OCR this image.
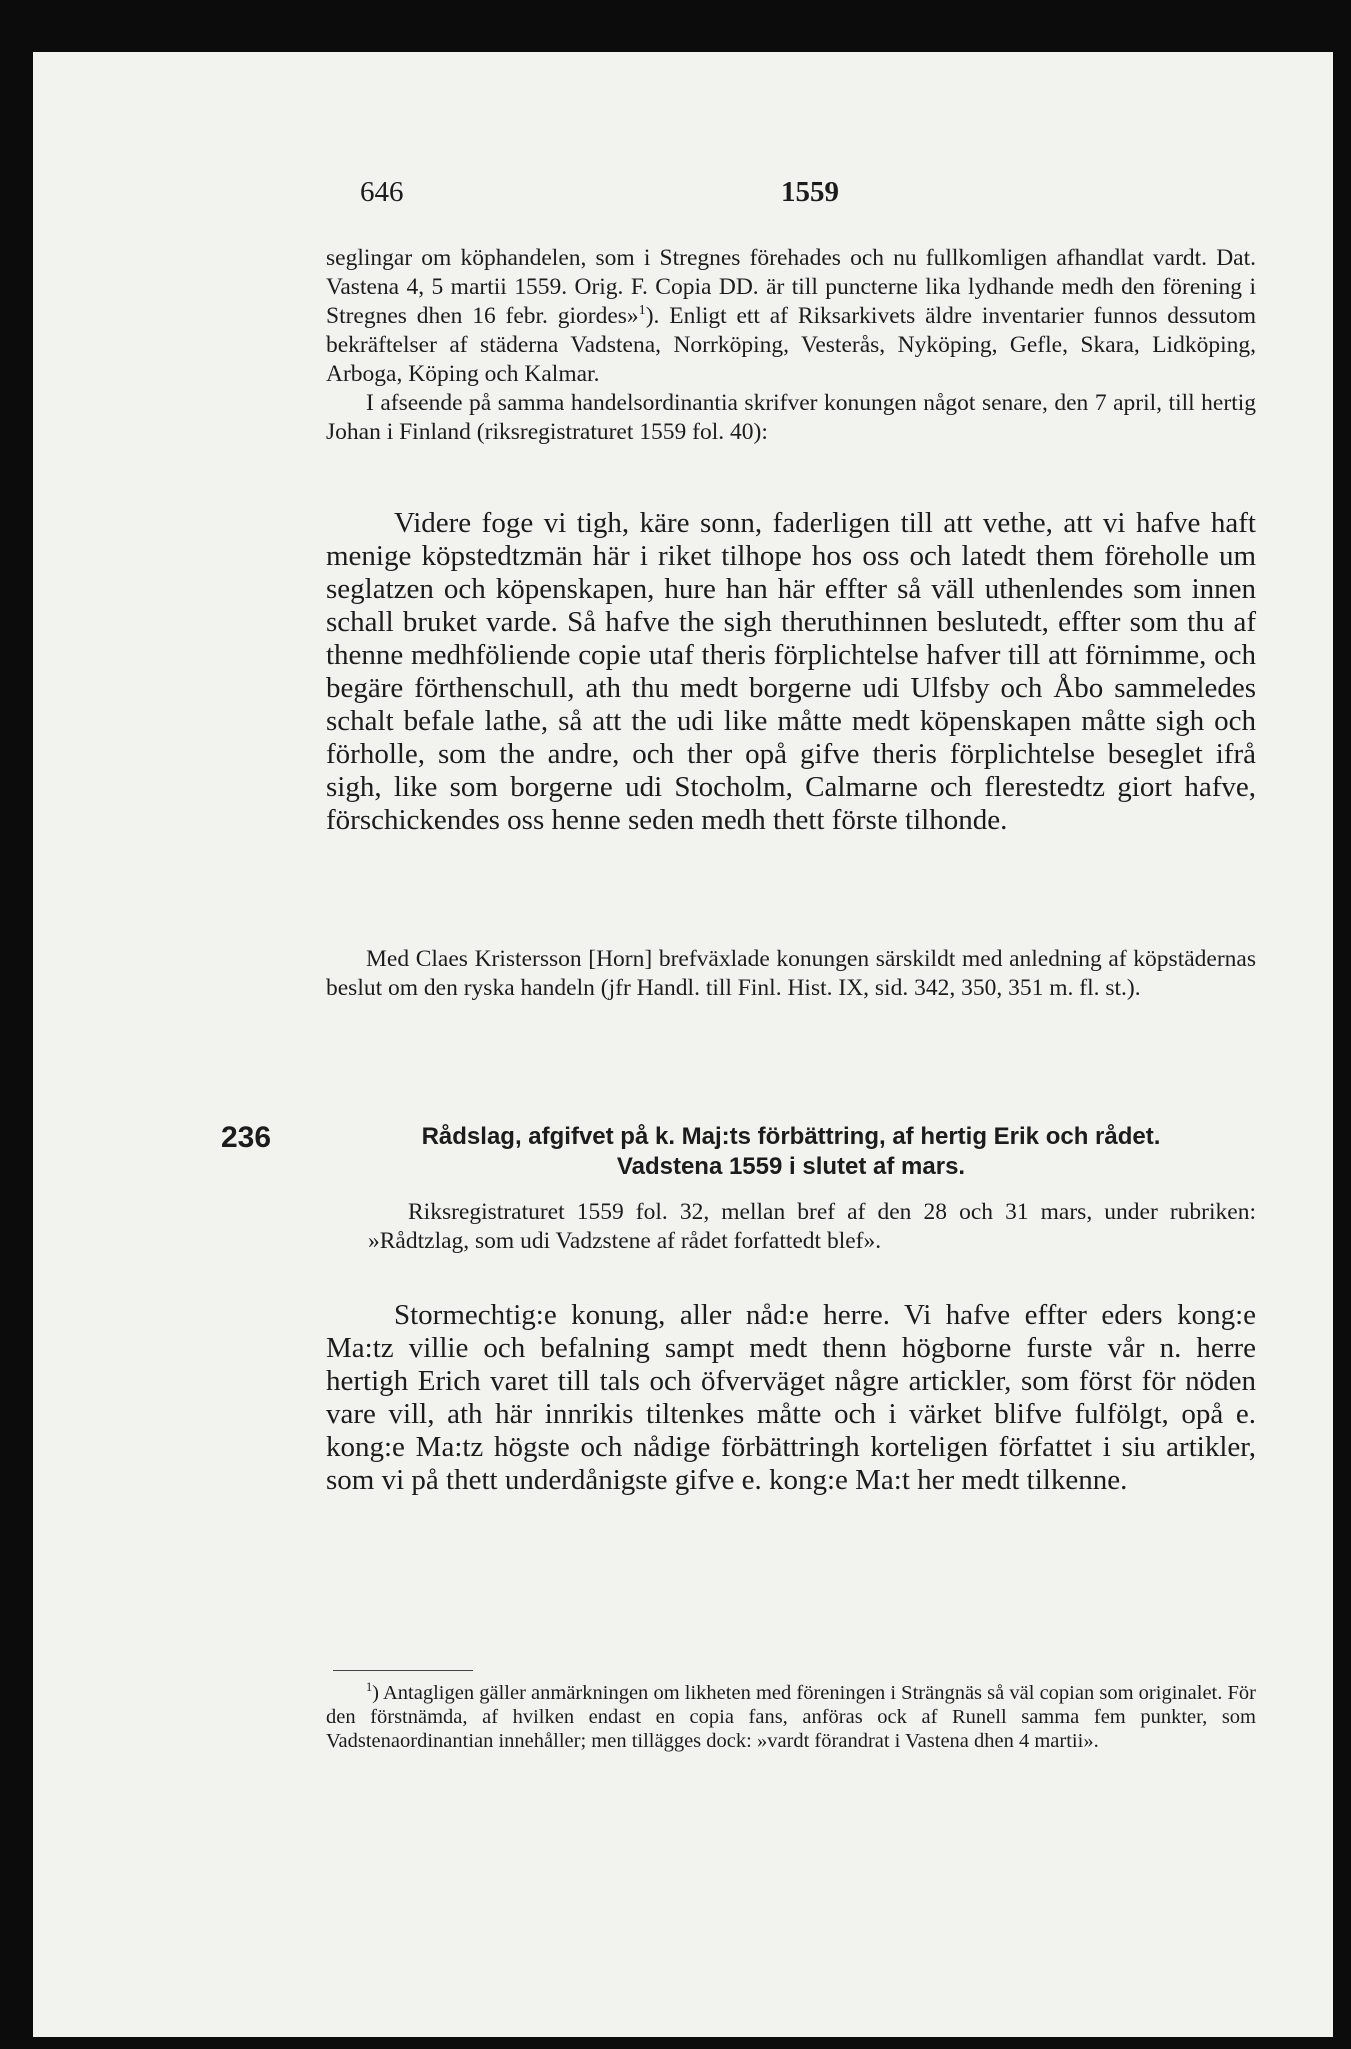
646	1559

seglingar om köphandelen, som i Stregnes förehades och nu fullkomligen afhandlat vardt. Dat. Vastena 4, 5 martii 1559. Orig. F. Copia DD. är till puncterne lika lydhande medh den förening i Stregnes dhen 16 febr. giordes»$^1$). Enligt ett af Riksarkivets äldre inventarier funnos dessutom bekräftelser af städerna Vadstena, Norrköping, Vesterås, Nyköping, Gefle, Skara, Lidköping, Arboga, Köping och Kalmar.

I afseende på samma handelsordinantia skrifver konungen något senare, den 7 april, till hertig Johan i Finland (riksregistraturet 1559 fol. 40):

Videre foge vi tigh, käre sonn, faderligen till att vethe, att vi hafve haft menige köpstedtzmän här i riket tilhope hos oss och latedt them föreholle um seglatzen och köpenskapen, hure han här effter så väll uthenlendes som innen schall bruket varde. Så hafve the sigh theruthinnen beslutedt, effter som thu af thenne medhföliende copie utaf theris förplichtelse hafver till att förnimme, och begäre förthenschull, ath thu medt borgerne udi Ulfsby och Åbo sammeledes schalt befale lathe, så att the udi like måtte medt köpenskapen måtte sigh och förholle, som the andre, och ther opå gifve theris förplichtelse beseglet ifrå sigh, like som borgerne udi Stocholm, Calmarne och flerestedtz giort hafve, förschickendes oss henne seden medh thett förste tilhonde.

Med Claes Kristersson [Horn] brefväxlade konungen särskildt med anledning af köpstädernas beslut om den ryska handeln (jfr Handl. till Finl. Hist. IX, sid. 342, 350, 351 m. fl. st.).

236	Rådslag, afgifvet på k. Maj:ts förbättring, af hertig Erik och rådet.
Vadstena 1559 i slutet af mars.

Riksregistraturet 1559 fol. 32, mellan bref af den 28 och 31 mars, under rubriken: »Rådtzlag, som udi Vadzstene af rådet forfattedt blef».

Stormechtig:e konung, aller nåd:e herre. Vi hafve effter eders kong:e Ma:tz villie och befalning sampt medt thenn högborne furste vår n. herre hertigh Erich varet till tals och öfverväget någre artickler, som först för nöden vare vill, ath här innrikis tiltenkes måtte och i värket blifve fulfölgt, opå e. kong:e Ma:tz högste och nådige förbättringh korteligen författet i siu artikler, som vi på thett underdånigste gifve e. kong:e Ma:t her medt tilkenne.

$^1$) Antagligen gäller anmärkningen om likheten med föreningen i Strängnäs så väl copian som originalet. För den förstnämda, af hvilken endast en copia fans, anföras ock af Runell samma fem punkter, som Vadstenaordinantian innehåller; men tillägges dock: »vardt förandrat i Vastena dhen 4 martii».
